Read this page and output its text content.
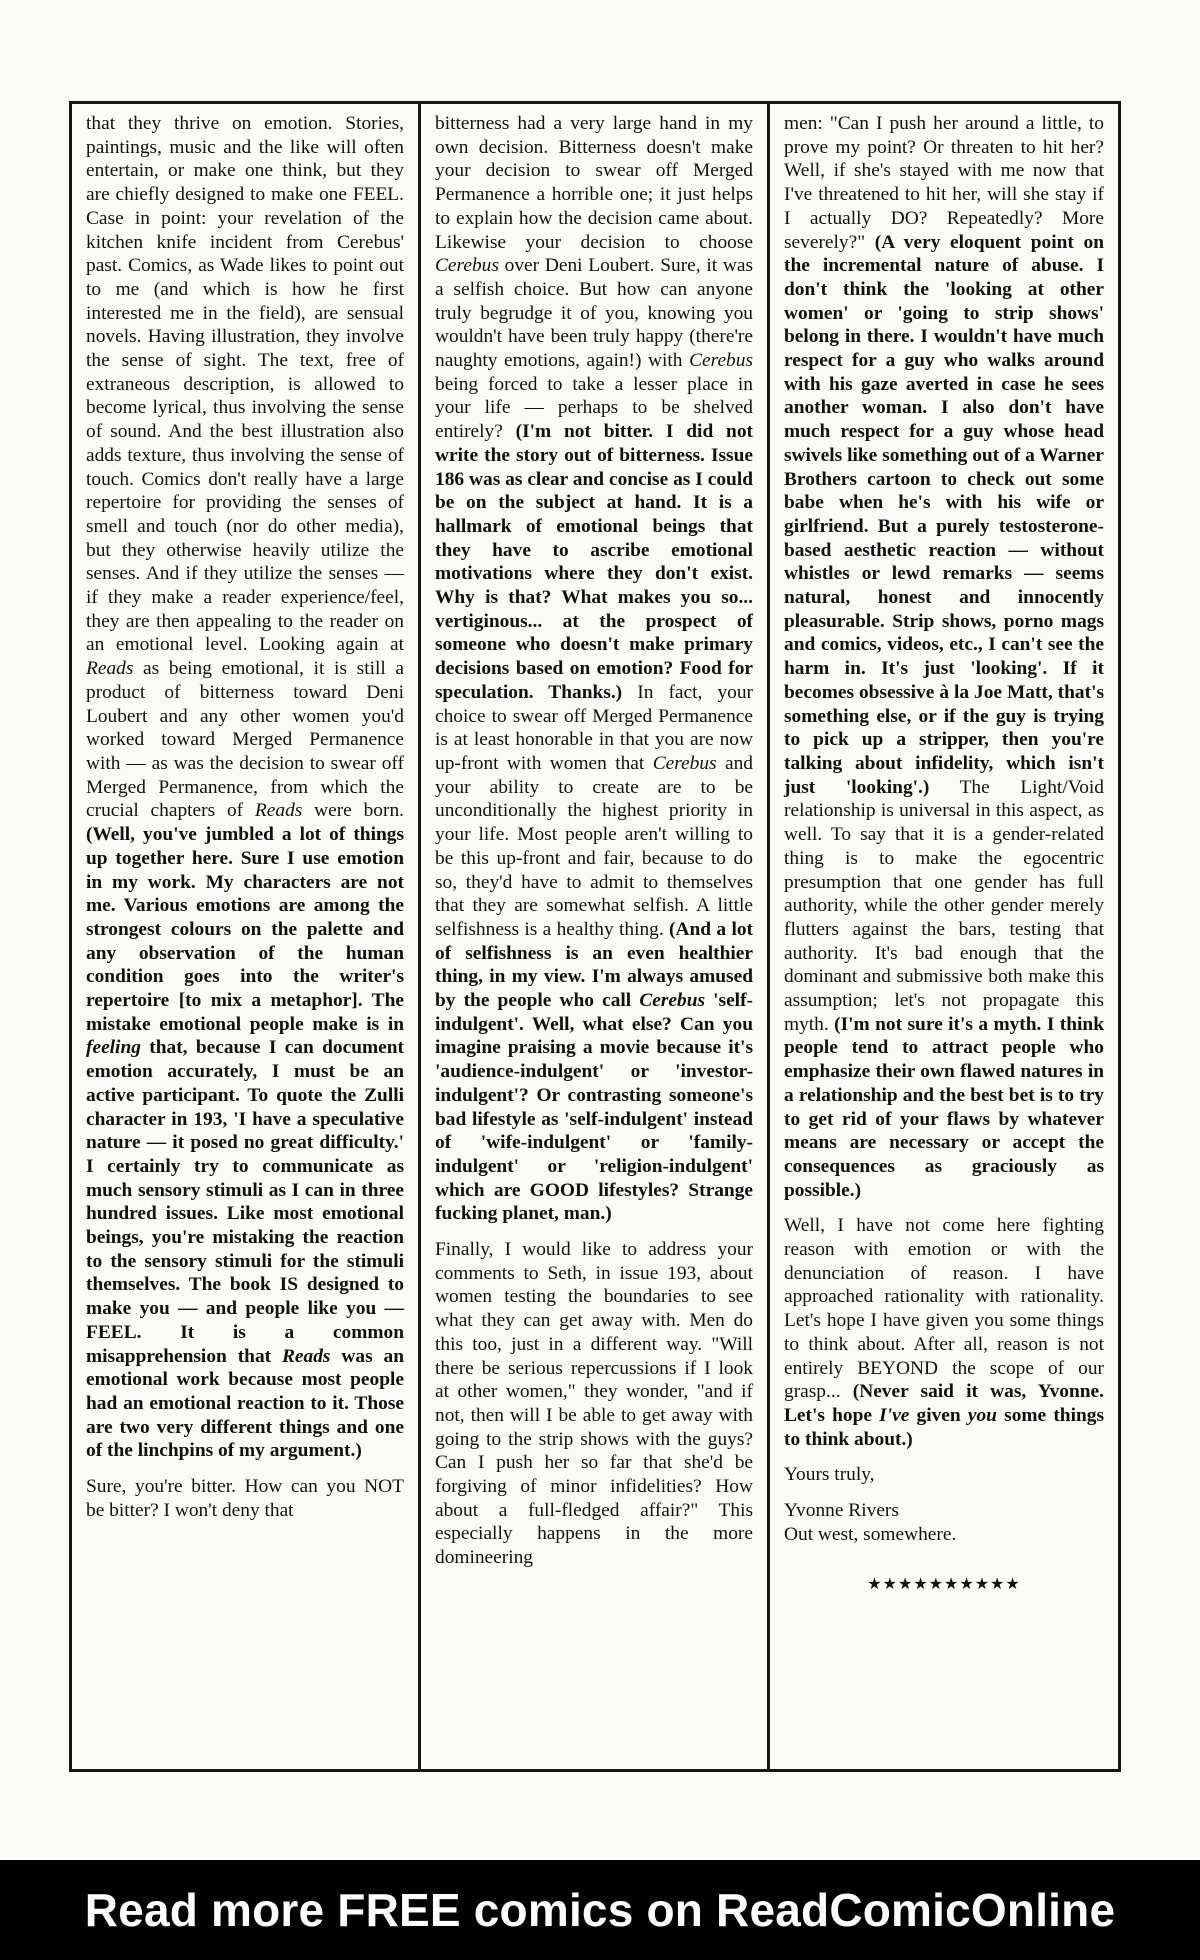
that they thrive on emotion. Stories, paintings, music and the like will often entertain, or make one think, but they are chiefly designed to make one FEEL. Case in point: your revelation of the kitchen knife incident from Cerebus' past. Comics, as Wade likes to point out to me (and which is how he first interested me in the field), are sensual novels. Having illustration, they involve the sense of sight. The text, free of extraneous description, is allowed to become lyrical, thus involving the sense of sound. And the best illustration also adds texture, thus involving the sense of touch. Comics don't really have a large repertoire for providing the senses of smell and touch (nor do other media), but they otherwise heavily utilize the senses. And if they utilize the senses — if they make a reader experience/feel, they are then appealing to the reader on an emotional level. Looking again at Reads as being emotional, it is still a product of bitterness toward Deni Loubert and any other women you'd worked toward Merged Permanence with — as was the decision to swear off Merged Permanence, from which the crucial chapters of Reads were born. (Well, you've jumbled a lot of things up together here. Sure I use emotion in my work. My characters are not me. Various emotions are among the strongest colours on the palette and any observation of the human condition goes into the writer's repertoire [to mix a metaphor]. The mistake emotional people make is in feeling that, because I can document emotion accurately, I must be an active participant. To quote the Zulli character in 193, 'I have a speculative nature — it posed no great difficulty.' I certainly try to communicate as much sensory stimuli as I can in three hundred issues. Like most emotional beings, you're mistaking the reaction to the sensory stimuli for the stimuli themselves. The book IS designed to make you — and people like you — FEEL. It is a common misapprehension that Reads was an emotional work because most people had an emotional reaction to it. Those are two very different things and one of the linchpins of my argument.)

Sure, you're bitter. How can you NOT be bitter? I won't deny that

bitterness had a very large hand in my own decision. Bitterness doesn't make your decision to swear off Merged Permanence a horrible one; it just helps to explain how the decision came about. Likewise your decision to choose Cerebus over Deni Loubert. Sure, it was a selfish choice. But how can anyone truly begrudge it of you, knowing you wouldn't have been truly happy (there're naughty emotions, again!) with Cerebus being forced to take a lesser place in your life — perhaps to be shelved entirely? (I'm not bitter. I did not write the story out of bitterness. Issue 186 was as clear and concise as I could be on the subject at hand. It is a hallmark of emotional beings that they have to ascribe emotional motivations where they don't exist. Why is that? What makes you so... vertiginous... at the prospect of someone who doesn't make primary decisions based on emotion? Food for speculation. Thanks.) In fact, your choice to swear off Merged Permanence is at least honorable in that you are now up-front with women that Cerebus and your ability to create are to be unconditionally the highest priority in your life. Most people aren't willing to be this up-front and fair, because to do so, they'd have to admit to themselves that they are somewhat selfish. A little selfishness is a healthy thing. (And a lot of selfishness is an even healthier thing, in my view. I'm always amused by the people who call Cerebus 'self-indulgent'. Well, what else? Can you imagine praising a movie because it's 'audience-indulgent' or 'investor-indulgent'? Or contrasting someone's bad lifestyle as 'self-indulgent' instead of 'wife-indulgent' or 'family-indulgent' or 'religion-indulgent' which are GOOD lifestyles? Strange fucking planet, man.)

Finally, I would like to address your comments to Seth, in issue 193, about women testing the boundaries to see what they can get away with. Men do this too, just in a different way. "Will there be serious repercussions if I look at other women," they wonder, "and if not, then will I be able to get away with going to the strip shows with the guys? Can I push her so far that she'd be forgiving of minor infidelities? How about a full-fledged affair?" This especially happens in the more domineering

men: "Can I push her around a little, to prove my point? Or threaten to hit her? Well, if she's stayed with me now that I've threatened to hit her, will she stay if I actually DO? Repeatedly? More severely?" (A very eloquent point on the incremental nature of abuse. I don't think the 'looking at other women' or 'going to strip shows' belong in there. I wouldn't have much respect for a guy who walks around with his gaze averted in case he sees another woman. I also don't have much respect for a guy whose head swivels like something out of a Warner Brothers cartoon to check out some babe when he's with his wife or girlfriend. But a purely testosterone-based aesthetic reaction — without whistles or lewd remarks — seems natural, honest and innocently pleasurable. Strip shows, porno mags and comics, videos, etc., I can't see the harm in. It's just 'looking'. If it becomes obsessive à la Joe Matt, that's something else, or if the guy is trying to pick up a stripper, then you're talking about infidelity, which isn't just 'looking'.) The Light/Void relationship is universal in this aspect, as well. To say that it is a gender-related thing is to make the egocentric presumption that one gender has full authority, while the other gender merely flutters against the bars, testing that authority. It's bad enough that the dominant and submissive both make this assumption; let's not propagate this myth. (I'm not sure it's a myth. I think people tend to attract people who emphasize their own flawed natures in a relationship and the best bet is to try to get rid of your flaws by whatever means are necessary or accept the consequences as graciously as possible.)

Well, I have not come here fighting reason with emotion or with the denunciation of reason. I have approached rationality with rationality. Let's hope I have given you some things to think about. After all, reason is not entirely BEYOND the scope of our grasp... (Never said it was, Yvonne. Let's hope I've given you some things to think about.)

Yours truly,

Yvonne Rivers

Out west, somewhere.

★★★★★★★★★★
Read more FREE comics on ReadComicOnline
